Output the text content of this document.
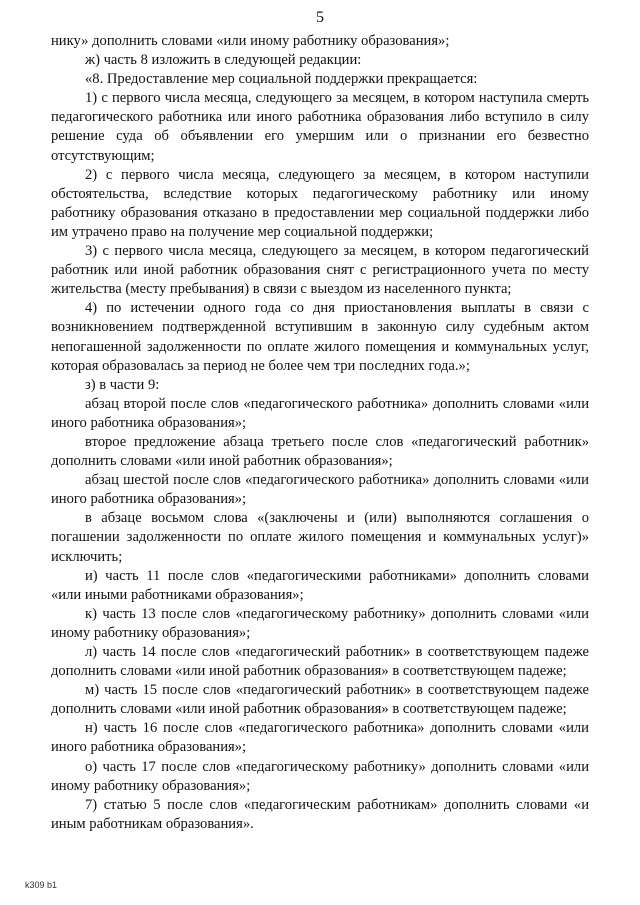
5

нику» дополнить словами «или иному работнику образования»;

ж) часть 8 изложить в следующей редакции:

«8. Предоставление мер социальной поддержки прекращается:

1) с первого числа месяца, следующего за месяцем, в котором наступила смерть педагогического работника или иного работника образования либо вступило в силу решение суда об объявлении его умершим или о признании его безвестно отсутствующим;

2) с первого числа месяца, следующего за месяцем, в котором наступили обстоятельства, вследствие которых педагогическому работнику или иному работнику образования отказано в предоставлении мер социальной поддержки либо им утрачено право на получение мер социальной поддержки;

3) с первого числа месяца, следующего за месяцем, в котором педагогический работник или иной работник образования снят с регистрационного учета по месту жительства (месту пребывания) в связи с выездом из населенного пункта;

4) по истечении одного года со дня приостановления выплаты в связи с возникновением подтвержденной вступившим в законную силу судебным актом непогашенной задолженности по оплате жилого помещения и коммунальных услуг, которая образовалась за период не более чем три последних года.»;

з) в части 9:

абзац второй после слов «педагогического работника» дополнить словами «или иного работника образования»;

второе предложение абзаца третьего после слов «педагогический работник» дополнить словами «или иной работник образования»;

абзац шестой после слов «педагогического работника» дополнить словами «или иного работника образования»;

в абзаце восьмом слова «(заключены и (или) выполняются соглашения о погашении задолженности по оплате жилого помещения и коммунальных услуг)» исключить;

и) часть 11 после слов «педагогическими работниками» дополнить словами «или иными работниками образования»;

к) часть 13 после слов «педагогическому работнику» дополнить словами «или иному работнику образования»;

л) часть 14 после слов «педагогический работник» в соответствующем падеже дополнить словами «или иной работник образования» в соответствующем падеже;

м) часть 15 после слов «педагогический работник» в соответствующем падеже дополнить словами «или иной работник образования» в соответствующем падеже;

н) часть 16 после слов «педагогического работника» дополнить словами «или иного работника образования»;

о) часть 17 после слов «педагогическому работнику» дополнить словами «или иному работнику образования»;

7) статью 5 после слов «педагогическим работникам» дополнить словами «и иным работникам образования».

k309 b1
